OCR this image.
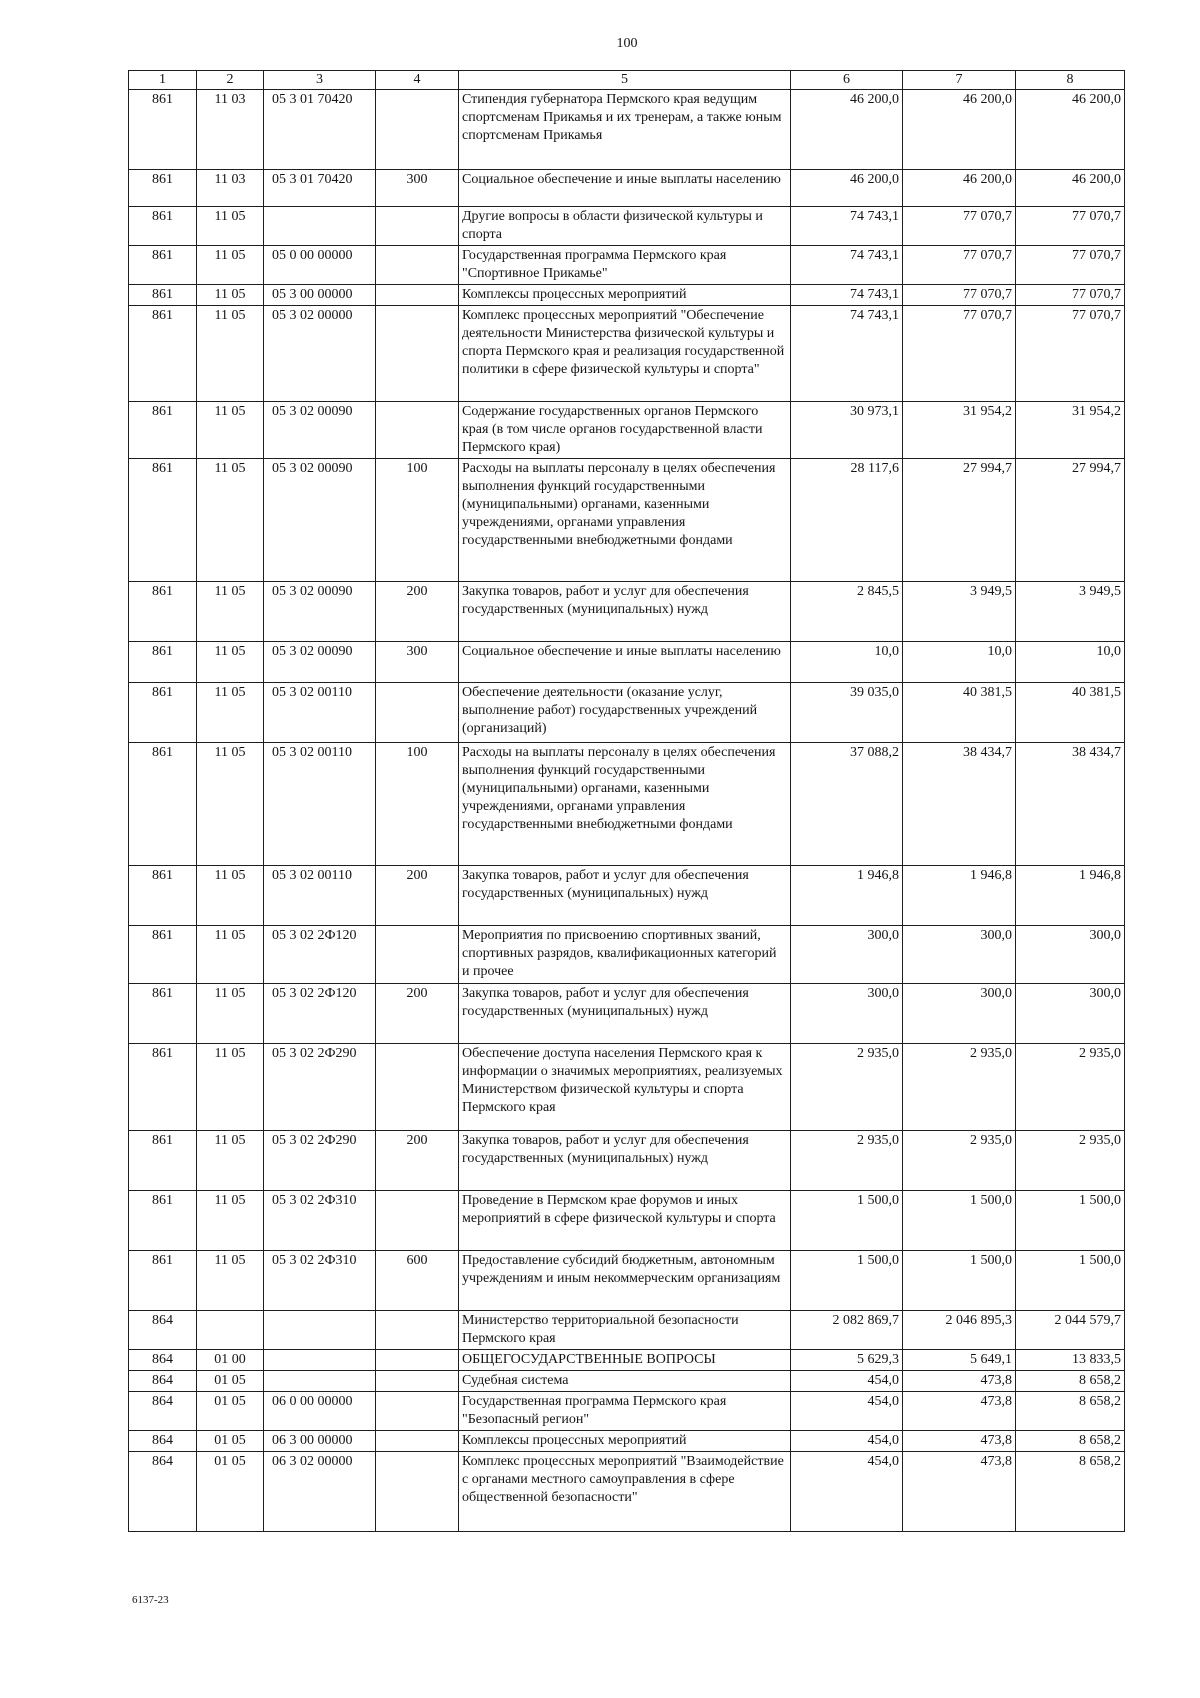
100
1	2	3	4	5	6	7	8
861	11 03	05 3 01 70420		Стипендия губернатора Пермского края ведущим спортсменам Прикамья и их тренерам, а также юным спортсменам Прикамья	46 200,0	46 200,0	46 200,0
861	11 03	05 3 01 70420	300	Социальное обеспечение и иные выплаты населению	46 200,0	46 200,0	46 200,0
861	11 05			Другие вопросы в области физической культуры и спорта	74 743,1	77 070,7	77 070,7
861	11 05	05 0 00 00000		Государственная программа Пермского края "Спортивное Прикамье"	74 743,1	77 070,7	77 070,7
861	11 05	05 3 00 00000		Комплексы процессных мероприятий	74 743,1	77 070,7	77 070,7
861	11 05	05 3 02 00000		Комплекс процессных мероприятий "Обеспечение деятельности Министерства физической культуры и спорта Пермского края и реализация государственной политики в сфере физической культуры и спорта"	74 743,1	77 070,7	77 070,7
861	11 05	05 3 02 00090		Содержание государственных органов Пермского края (в том числе органов государственной власти Пермского края)	30 973,1	31 954,2	31 954,2
861	11 05	05 3 02 00090	100	Расходы на выплаты персоналу в целях обеспечения выполнения функций государственными (муниципальными) органами, казенными учреждениями, органами управления государственными внебюджетными фондами	28 117,6	27 994,7	27 994,7
861	11 05	05 3 02 00090	200	Закупка товаров, работ и услуг для обеспечения государственных (муниципальных) нужд	2 845,5	3 949,5	3 949,5
861	11 05	05 3 02 00090	300	Социальное обеспечение и иные выплаты населению	10,0	10,0	10,0
861	11 05	05 3 02 00110		Обеспечение деятельности (оказание услуг, выполнение работ) государственных учреждений (организаций)	39 035,0	40 381,5	40 381,5
861	11 05	05 3 02 00110	100	Расходы на выплаты персоналу в целях обеспечения выполнения функций государственными (муниципальными) органами, казенными учреждениями, органами управления государственными внебюджетными фондами	37 088,2	38 434,7	38 434,7
861	11 05	05 3 02 00110	200	Закупка товаров, работ и услуг для обеспечения государственных (муниципальных) нужд	1 946,8	1 946,8	1 946,8
861	11 05	05 3 02 2Ф120		Мероприятия по присвоению спортивных званий, спортивных разрядов, квалификационных категорий и прочее	300,0	300,0	300,0
861	11 05	05 3 02 2Ф120	200	Закупка товаров, работ и услуг для обеспечения государственных (муниципальных) нужд	300,0	300,0	300,0
861	11 05	05 3 02 2Ф290		Обеспечение доступа населения Пермского края к информации о значимых мероприятиях, реализуемых Министерством физической культуры и спорта Пермского края	2 935,0	2 935,0	2 935,0
861	11 05	05 3 02 2Ф290	200	Закупка товаров, работ и услуг для обеспечения государственных (муниципальных) нужд	2 935,0	2 935,0	2 935,0
861	11 05	05 3 02 2Ф310		Проведение в Пермском крае форумов и иных мероприятий в сфере физической культуры и спорта	1 500,0	1 500,0	1 500,0
861	11 05	05 3 02 2Ф310	600	Предоставление субсидий бюджетным, автономным учреждениям и иным некоммерческим организациям	1 500,0	1 500,0	1 500,0
864				Министерство территориальной безопасности Пермского края	2 082 869,7	2 046 895,3	2 044 579,7
864	01 00			ОБЩЕГОСУДАРСТВЕННЫЕ ВОПРОСЫ	5 629,3	5 649,1	13 833,5
864	01 05			Судебная система	454,0	473,8	8 658,2
864	01 05	06 0 00 00000		Государственная программа Пермского края "Безопасный регион"	454,0	473,8	8 658,2
864	01 05	06 3 00 00000		Комплексы процессных мероприятий	454,0	473,8	8 658,2
864	01 05	06 3 02 00000		Комплекс процессных мероприятий "Взаимодействие с органами местного самоуправления в сфере общественной безопасности"	454,0	473,8	8 658,2
6137-23
